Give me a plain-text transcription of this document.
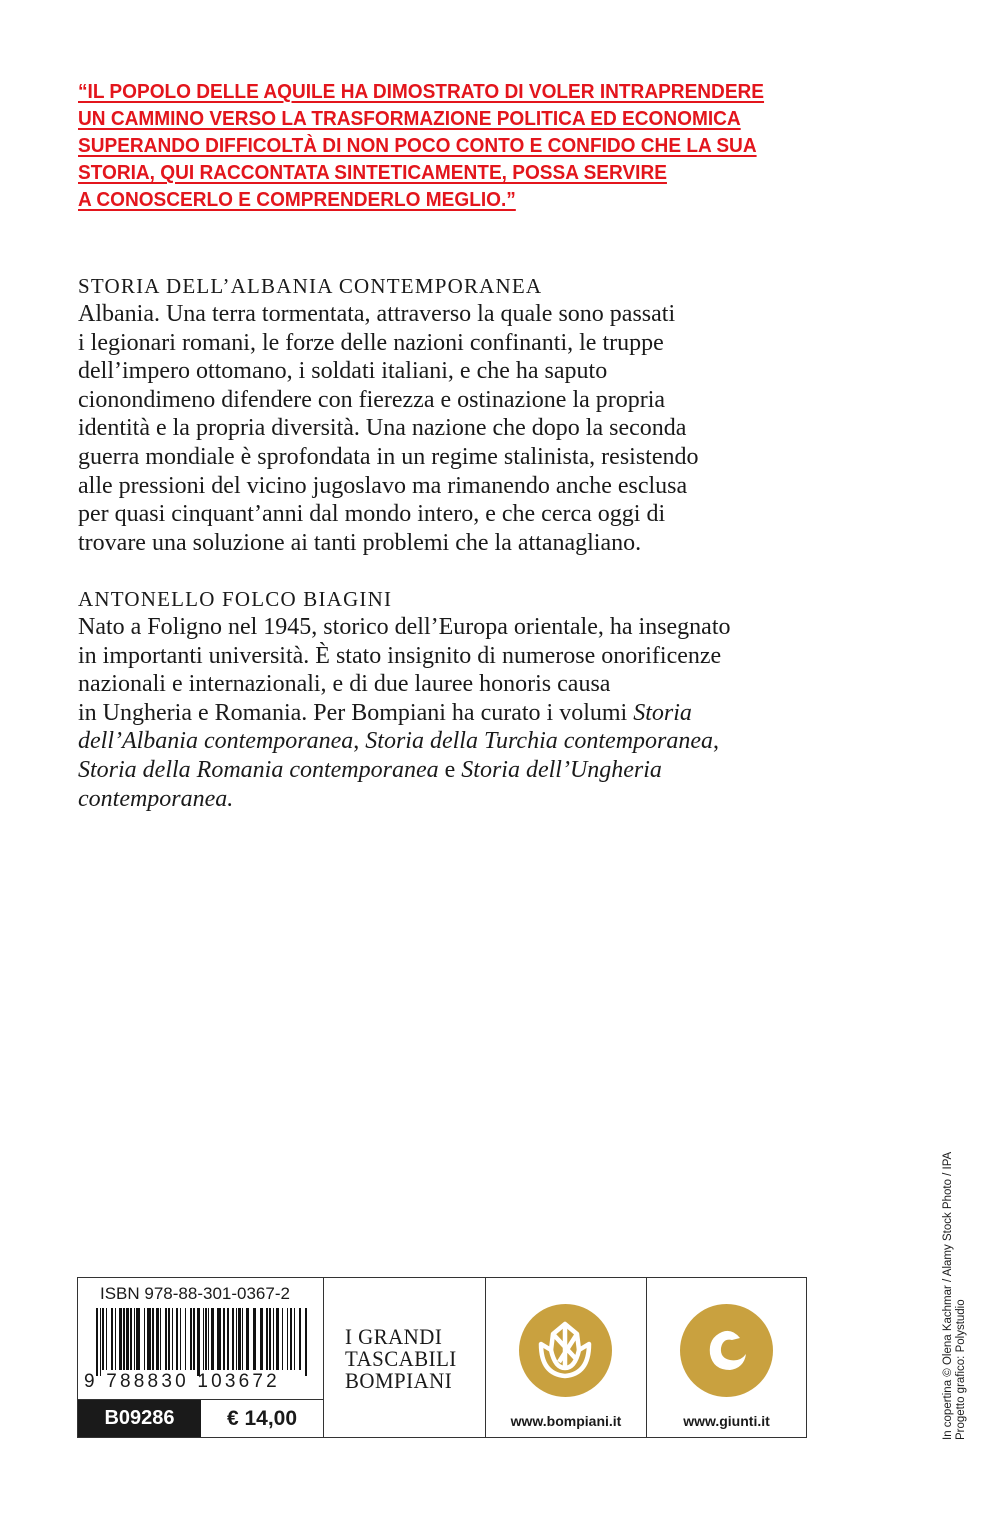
“IL POPOLO DELLE AQUILE HA DIMOSTRATO DI VOLER INTRAPRENDERE
UN CAMMINO VERSO LA TRASFORMAZIONE POLITICA ED ECONOMICA
SUPERANDO DIFFICOLTÀ DI NON POCO CONTO E CONFIDO CHE LA SUA
STORIA, QUI RACCONTATA SINTETICAMENTE, POSSA SERVIRE
A CONOSCERLO E COMPRENDERLO MEGLIO.”
STORIA DELL’ALBANIA CONTEMPORANEA
Albania. Una terra tormentata, attraverso la quale sono passati
i legionari romani, le forze delle nazioni confinanti, le truppe
dell’impero ottomano, i soldati italiani, e che ha saputo
cionondimeno difendere con fierezza e ostinazione la propria
identità e la propria diversità. Una nazione che dopo la seconda
guerra mondiale è sprofondata in un regime stalinista, resistendo
alle pressioni del vicino jugoslavo ma rimanendo anche esclusa
per quasi cinquant’anni dal mondo intero, e che cerca oggi di
trovare una soluzione ai tanti problemi che la attanagliano.
ANTONELLO FOLCO BIAGINI
Nato a Foligno nel 1945, storico dell’Europa orientale, ha insegnato
in importanti università. È stato insignito di numerose onorificenze
nazionali e internazionali, e di due lauree honoris causa
in Ungheria e Romania. Per Bompiani ha curato i volumi Storia
dell’Albania contemporanea, Storia della Turchia contemporanea,
Storia della Romania contemporanea e Storia dell’Ungheria
contemporanea.
ISBN 978-88-301-0367-2
9 788830 103672
B09286	€ 14,00
I GRANDI
TASCABILI
BOMPIANI
www.bompiani.it	www.giunti.it	In copertina © Olena Kachmar / Alamy Stock Photo / IPA Progetto grafico: Polystudio
